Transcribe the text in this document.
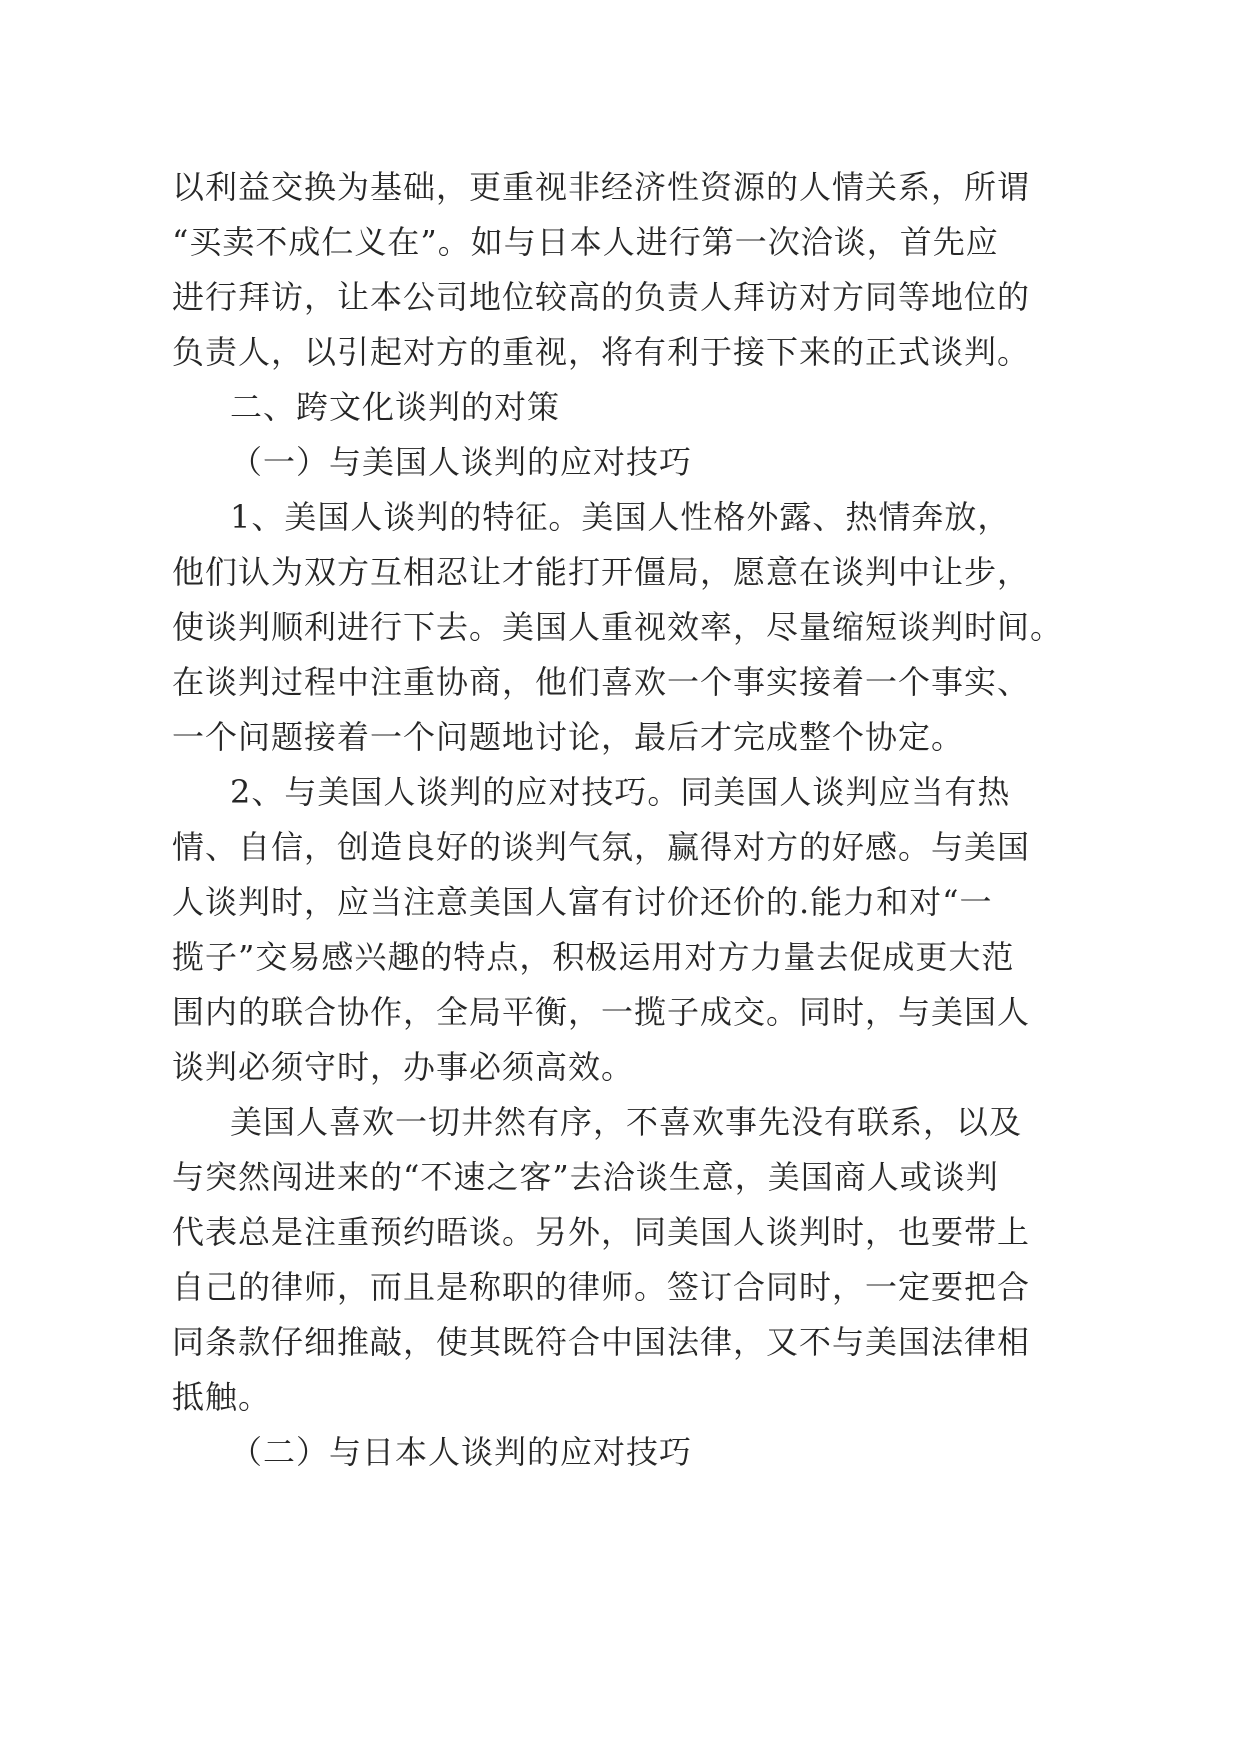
以利益交换为基础，更重视非经济性资源的人情关系，所谓
“买卖不成仁义在”。如与日本人进行第一次洽谈，首先应
进行拜访，让本公司地位较高的负责人拜访对方同等地位的
负责人，以引起对方的重视，将有利于接下来的正式谈判。
二、跨文化谈判的对策
（一）与美国人谈判的应对技巧
1、美国人谈判的特征。美国人性格外露、热情奔放，
他们认为双方互相忍让才能打开僵局，愿意在谈判中让步，
使谈判顺利进行下去。美国人重视效率，尽量缩短谈判时间。
在谈判过程中注重协商，他们喜欢一个事实接着一个事实、
一个问题接着一个问题地讨论，最后才完成整个协定。
2、与美国人谈判的应对技巧。同美国人谈判应当有热
情、自信，创造良好的谈判气氛，赢得对方的好感。与美国
人谈判时，应当注意美国人富有讨价还价的.能力和对“一
揽子”交易感兴趣的特点，积极运用对方力量去促成更大范
围内的联合协作，全局平衡，一揽子成交。同时，与美国人
谈判必须守时，办事必须高效。
美国人喜欢一切井然有序，不喜欢事先没有联系，以及
与突然闯进来的“不速之客”去洽谈生意，美国商人或谈判
代表总是注重预约晤谈。另外，同美国人谈判时，也要带上
自己的律师，而且是称职的律师。签订合同时，一定要把合
同条款仔细推敲，使其既符合中国法律，又不与美国法律相
抵触。
（二）与日本人谈判的应对技巧
